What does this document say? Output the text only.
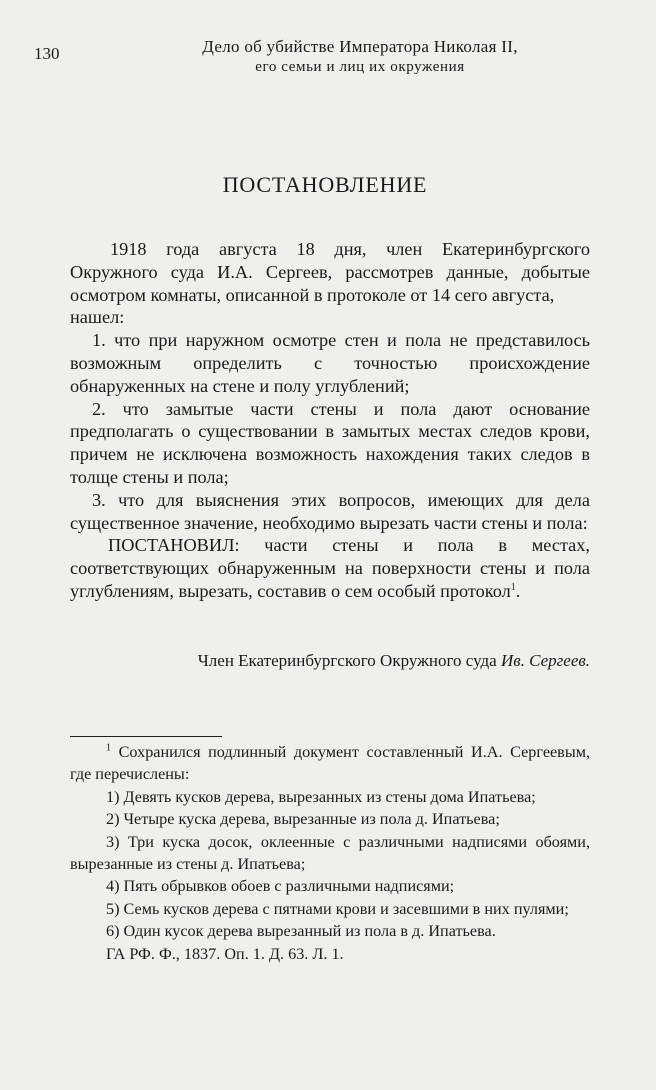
130	Дело об убийстве Императора Николая II,
его семьи и лиц их окружения
ПОСТАНОВЛЕНИЕ

1918 года августа 18 дня, член Екатеринбургского Окружного суда И.А. Сергеев, рассмотрев данные, добытые осмотром комнаты, описанной в протоколе от 14 сего августа,

нашел:

1. что при наружном осмотре стен и пола не представилось возможным определить с точностью происхождение обнаруженных на стене и полу углублений;

2. что замытые части стены и пола дают основание предполагать о существовании в замытых местах следов крови, причем не исключена возможность нахождения таких следов в толще стены и пола;

3. что для выяснения этих вопросов, имеющих для дела существенное значение, необходимо вырезать части стены и пола:

ПОСТАНОВИЛ: части стены и пола в местах, соответствующих обнаруженным на поверхности стены и пола углублениям, вырезать, составив о сем особый протокол$^1$.

Член Екатеринбургского Окружного суда Ив. Сергеев.

$^1$ Сохранился подлинный документ составленный И.А. Сергеевым, где перечислены:

1) Девять кусков дерева, вырезанных из стены дома Ипатьева;

2) Четыре куска дерева, вырезанные из пола д. Ипатьева;

3) Три куска досок, оклеенные с различными надписями обоями, вырезанные из стены д. Ипатьева;

4) Пять обрывков обоев с различными надписями;

5) Семь кусков дерева с пятнами крови и засевшими в них пулями;

6) Один кусок дерева вырезанный из пола в д. Ипатьева.

ГА РФ. Ф., 1837. Оп. 1. Д. 63. Л. 1.
